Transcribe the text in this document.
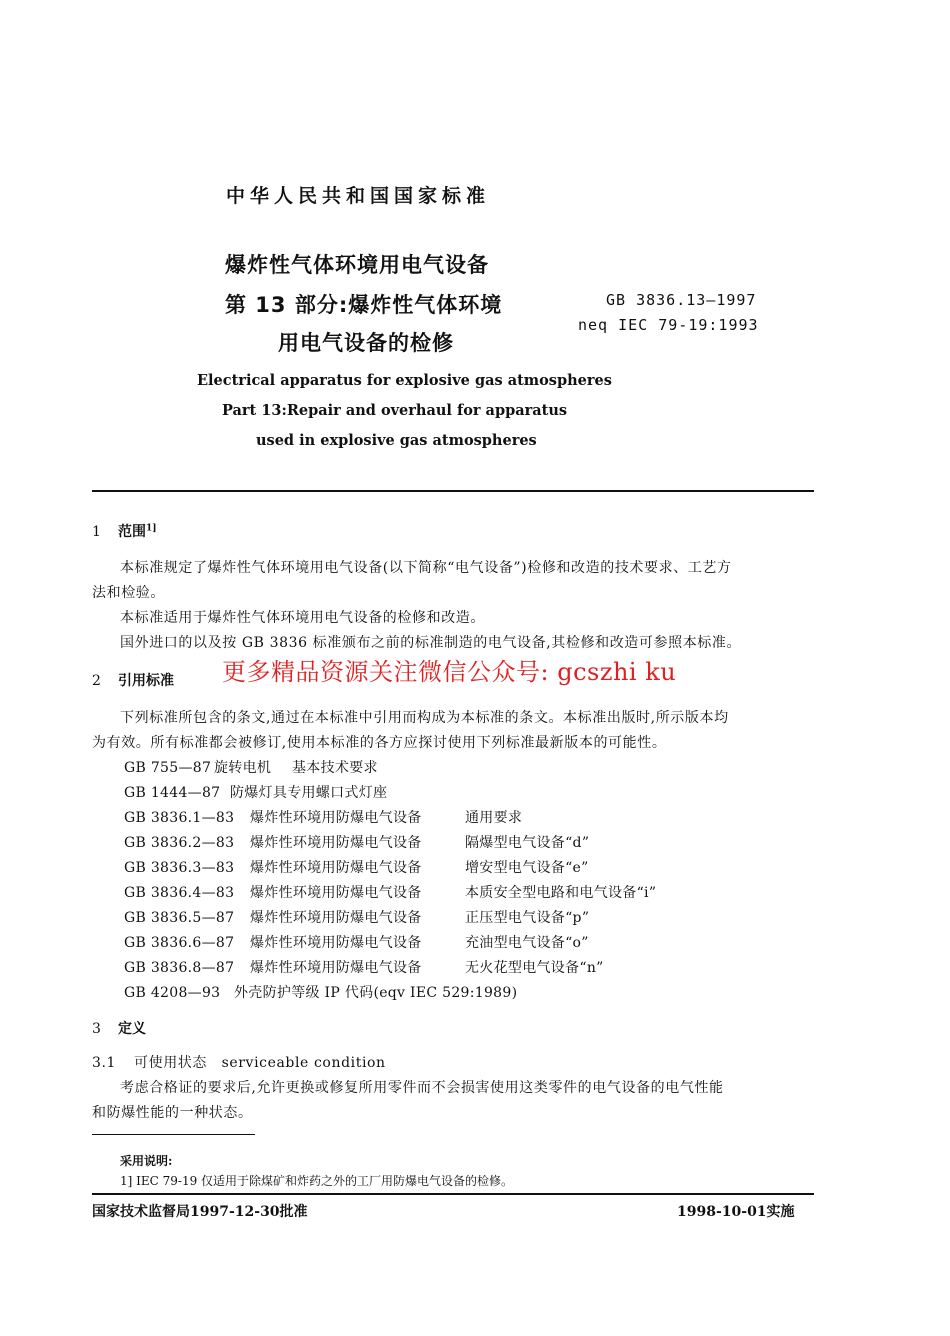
中华人民共和国国家标准
爆炸性气体环境用电气设备
第 13 部分:爆炸性气体环境
用电气设备的检修
GB 3836.13—1997
neq IEC 79-19:1993
Electrical apparatus for explosive gas atmospheres
Part 13:Repair and overhaul for apparatus
used in explosive gas atmospheres
1 范围$^{1]}$
本标准规定了爆炸性气体环境用电气设备(以下简称“电气设备”)检修和改造的技术要求、工艺方
法和检验。
本标准适用于爆炸性气体环境用电气设备的检修和改造。
国外进口的以及按 GB 3836 标准颁布之前的标准制造的电气设备,其检修和改造可参照本标准。
2 引用标准 更多精品资源关注微信公众号: gcszhi ku
下列标准所包含的条文,通过在本标准中引用而构成为本标准的条文。本标准出版时,所示版本均
为有效。所有标准都会被修订,使用本标准的各方应探讨使用下列标准最新版本的可能性。
GB 755—87 旋转电机 基本技术要求
GB 1444—87 防爆灯具专用螺口式灯座
GB 3836.1—83 爆炸性环境用防爆电气设备	通用要求
GB 3836.2—83 爆炸性环境用防爆电气设备	隔爆型电气设备“d”
GB 3836.3—83 爆炸性环境用防爆电气设备	增安型电气设备“e”
GB 3836.4—83 爆炸性环境用防爆电气设备	本质安全型电路和电气设备“i”
GB 3836.5—87 爆炸性环境用防爆电气设备	正压型电气设备“p”
GB 3836.6—87 爆炸性环境用防爆电气设备	充油型电气设备“o”
GB 3836.8—87 爆炸性环境用防爆电气设备	无火花型电气设备“n”
GB 4208—93 外壳防护等级 IP 代码(eqv IEC 529:1989)
3 定义
3.1 可使用状态　serviceable condition
考虑合格证的要求后,允许更换或修复所用零件而不会损害使用这类零件的电气设备的电气性能
和防爆性能的一种状态。
采用说明:
1] IEC 79-19 仅适用于除煤矿和炸药之外的工厂用防爆电气设备的检修。
国家技术监督局1997-12-30批准	1998-10-01实施
